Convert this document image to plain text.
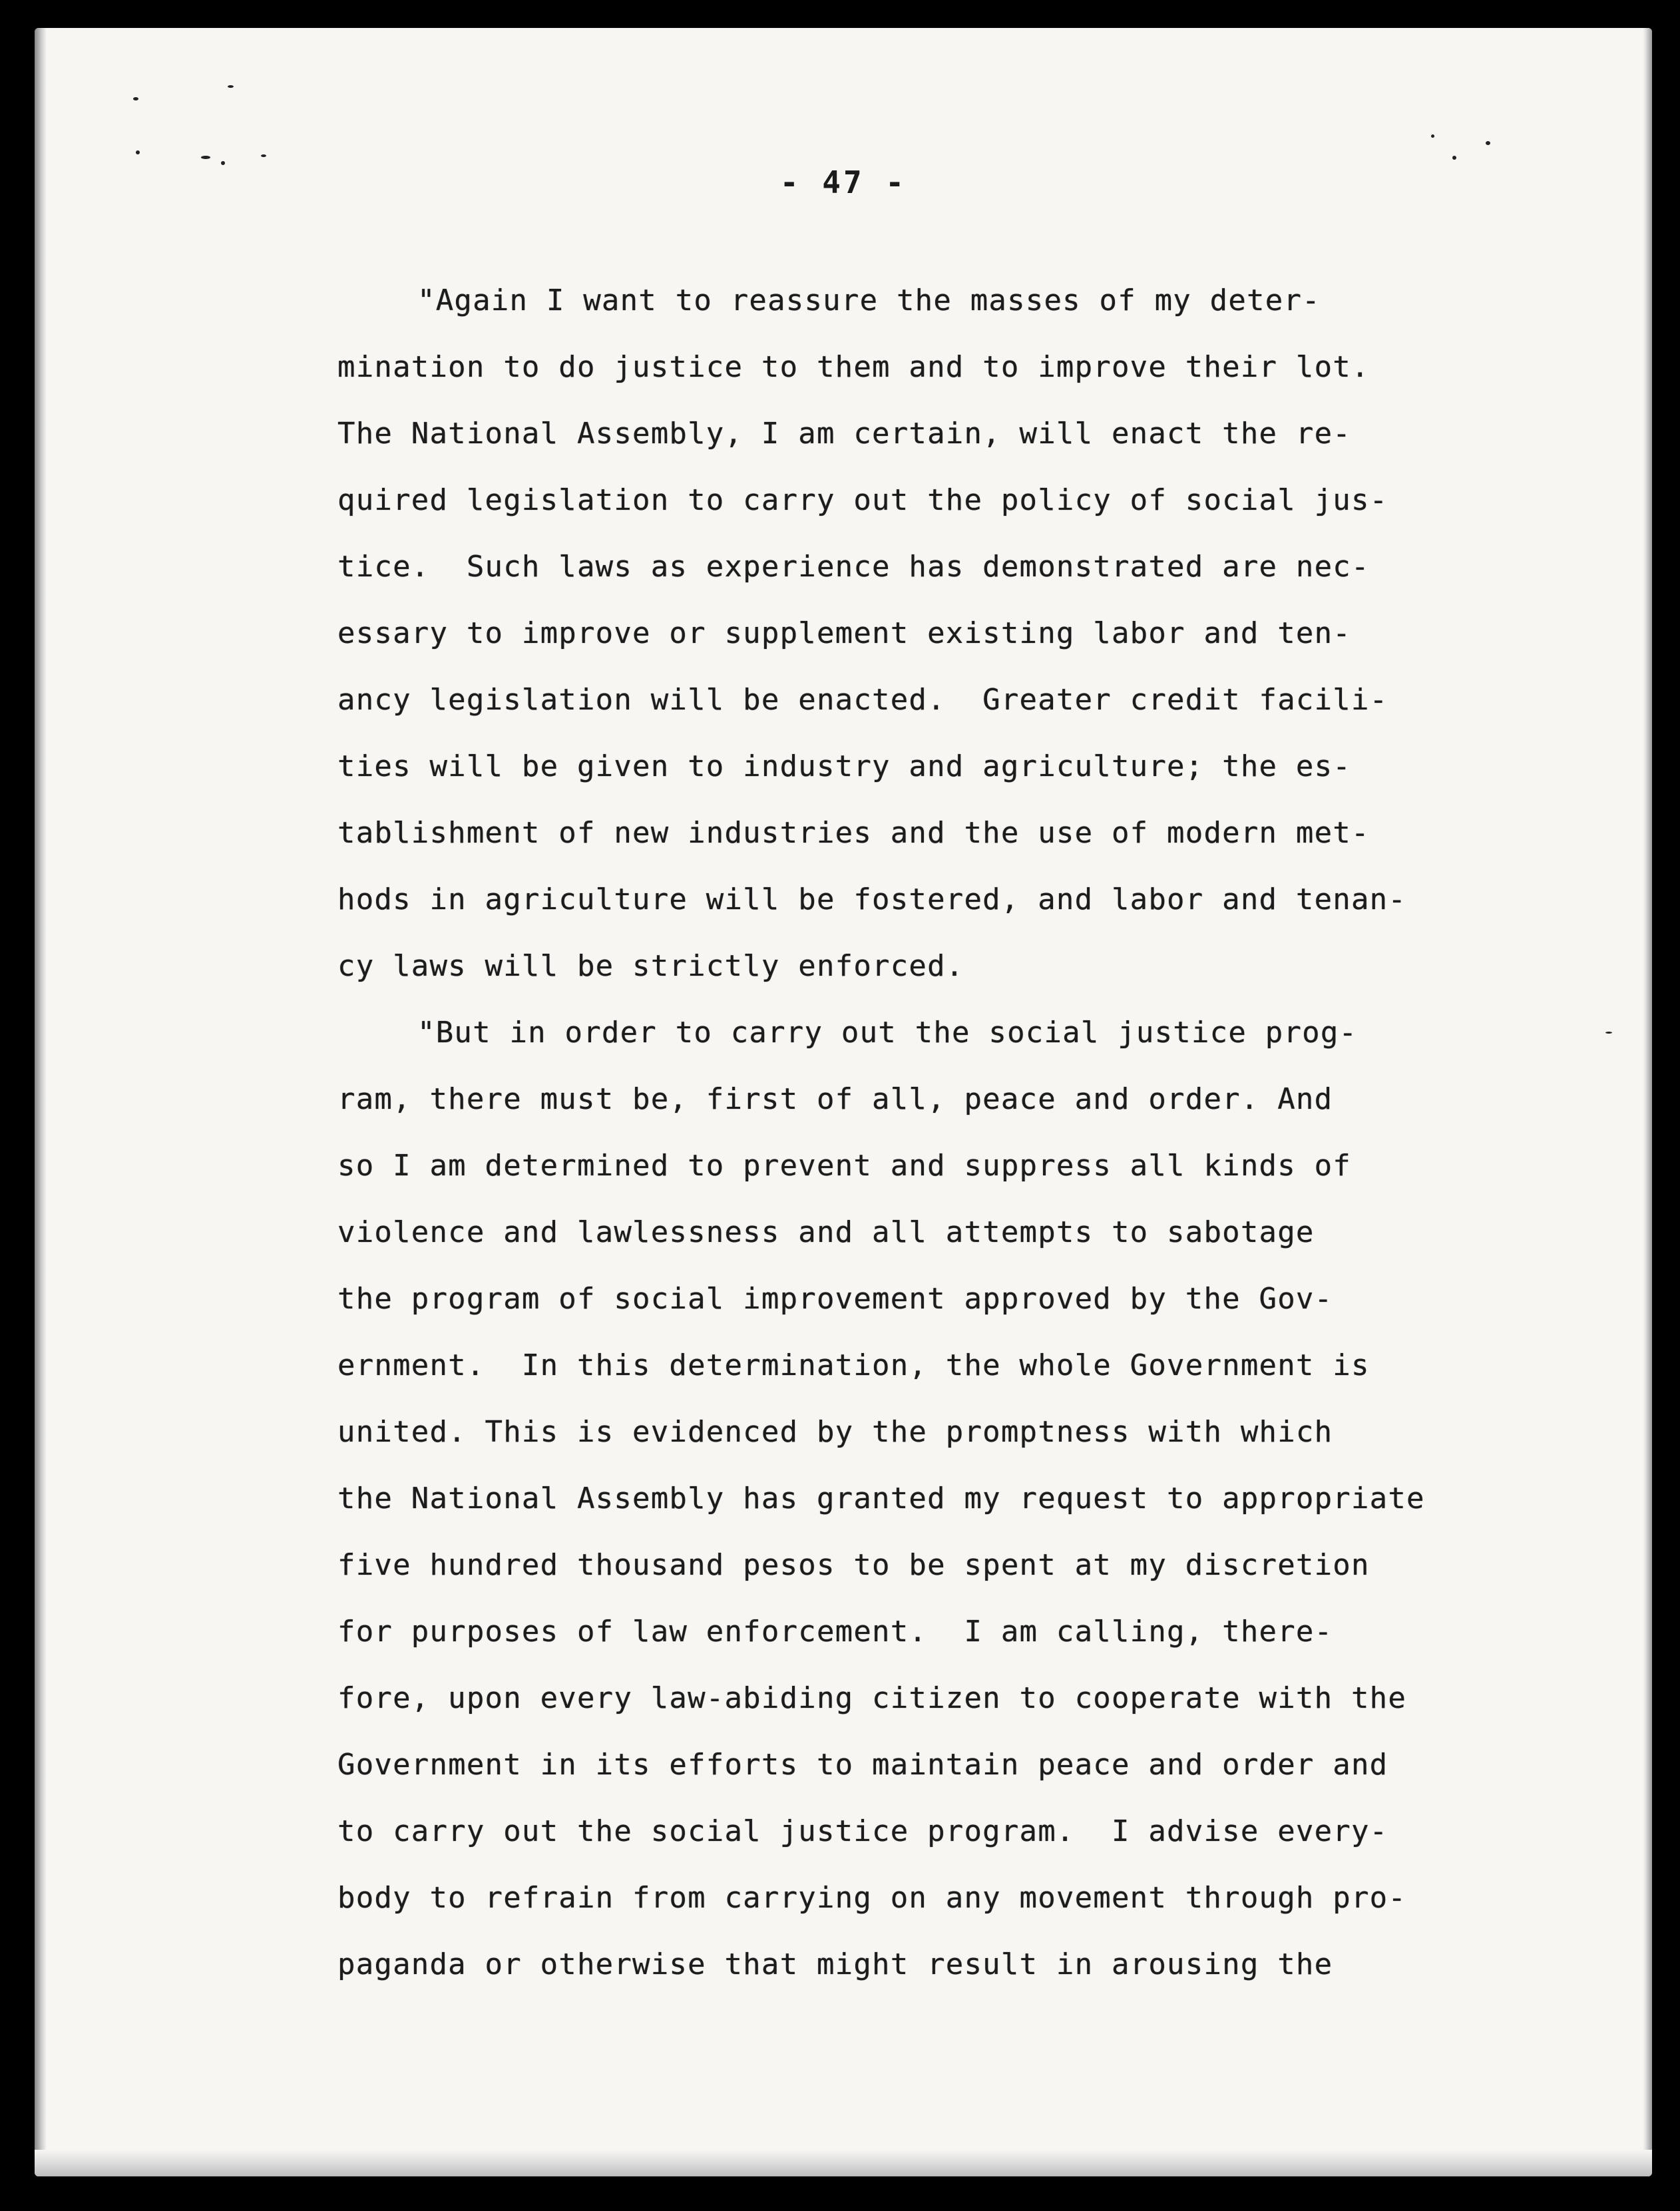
- 47 -
"Again I want to reassure the masses of my deter-
mination to do justice to them and to improve their lot.
The National Assembly, I am certain, will enact the re-
quired legislation to carry out the policy of social jus-
tice.  Such laws as experience has demonstrated are nec-
essary to improve or supplement existing labor and ten-
ancy legislation will be enacted.  Greater credit facili-
ties will be given to industry and agriculture; the es-
tablishment of new industries and the use of modern met-
hods in agriculture will be fostered, and labor and tenan-
cy laws will be strictly enforced.
"But in order to carry out the social justice prog-
ram, there must be, first of all, peace and order. And
so I am determined to prevent and suppress all kinds of
violence and lawlessness and all attempts to sabotage
the program of social improvement approved by the Gov-
ernment.  In this determination, the whole Government is
united. This is evidenced by the promptness with which
the National Assembly has granted my request to appropriate
five hundred thousand pesos to be spent at my discretion
for purposes of law enforcement.  I am calling, there-
fore, upon every law-abiding citizen to cooperate with the
Government in its efforts to maintain peace and order and
to carry out the social justice program.  I advise every-
body to refrain from carrying on any movement through pro-
paganda or otherwise that might result in arousing the
